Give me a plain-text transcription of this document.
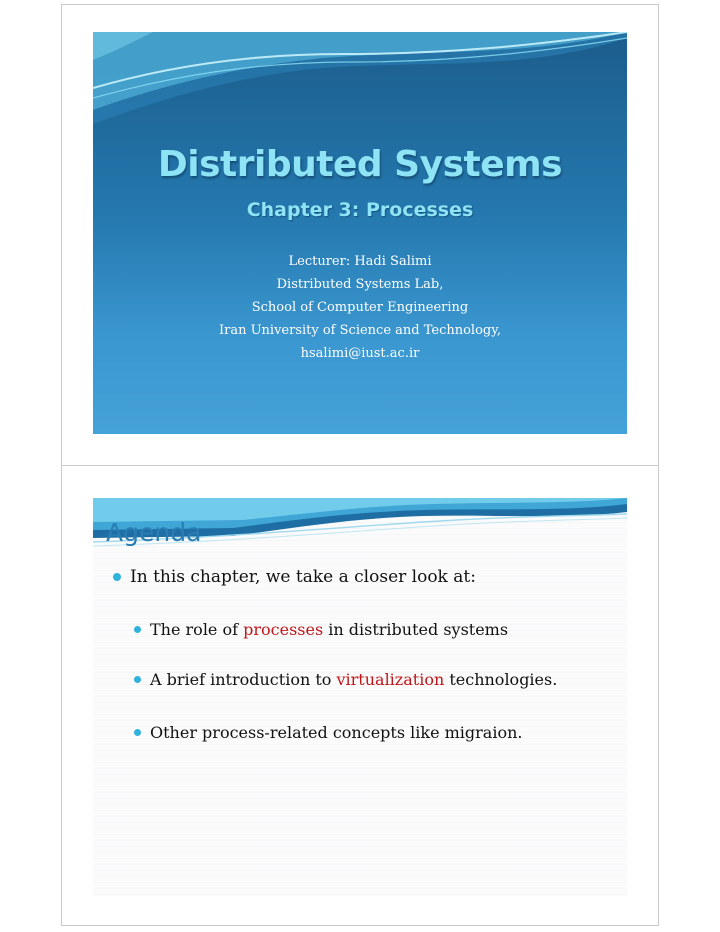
Distributed Systems
Chapter 3: Processes
Lecturer: Hadi Salimi
Distributed Systems Lab,
School of Computer Engineering
Iran University of Science and Technology,
hsalimi@iust.ac.ir
Agenda
In this chapter, we take a closer look at:
The role of processes in distributed systems
A brief introduction to virtualization technologies.
Other process-related concepts like migraion.
